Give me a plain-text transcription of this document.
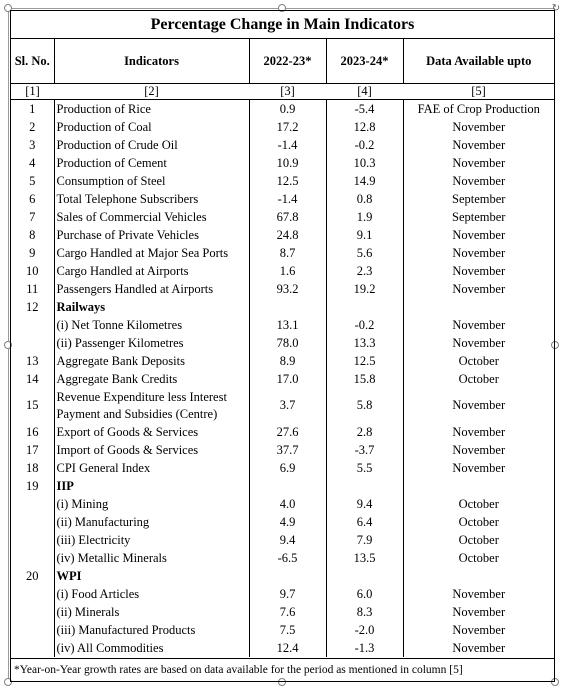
↻
Percentage Change in Main Indicators
Sl. No.	Indicators	2022-23*	2023-24*	Data Available upto
[1]	[2]	[3]	[4]	[5]
1	Production of Rice	0.9	-5.4	FAE of Crop Production
2	Production of Coal	17.2	12.8	November
3	Production of Crude Oil	-1.4	-0.2	November
4	Production of Cement	10.9	10.3	November
5	Consumption of Steel	12.5	14.9	November
6	Total Telephone Subscribers	-1.4	0.8	September
7	Sales of Commercial Vehicles	67.8	1.9	September
8	Purchase of Private Vehicles	24.8	9.1	November
9	Cargo Handled at Major Sea Ports	8.7	5.6	November
10	Cargo Handled at Airports	1.6	2.3	November
11	Passengers Handled at Airports	93.2	19.2	November
12	Railways			
	(i) Net Tonne Kilometres	13.1	-0.2	November
	(ii) Passenger Kilometres	78.0	13.3	November
13	Aggregate Bank Deposits	8.9	12.5	October
14	Aggregate Bank Credits	17.0	15.8	October
15	Revenue Expenditure less Interest Payment and Subsidies (Centre)	3.7	5.8	November
16	Export of Goods & Services	27.6	2.8	November
17	Import of Goods & Services	37.7	-3.7	November
18	CPI General Index	6.9	5.5	November
19	IIP			
	(i) Mining	4.0	9.4	October
	(ii) Manufacturing	4.9	6.4	October
	(iii) Electricity	9.4	7.9	October
	(iv) Metallic Minerals	-6.5	13.5	October
20	WPI			
	(i) Food Articles	9.7	6.0	November
	(ii) Minerals	7.6	8.3	November
	(iii) Manufactured Products	7.5	-2.0	November
	(iv) All Commodities	12.4	-1.3	November
*Year-on-Year growth rates are based on data available for the period as mentioned in column [5]
